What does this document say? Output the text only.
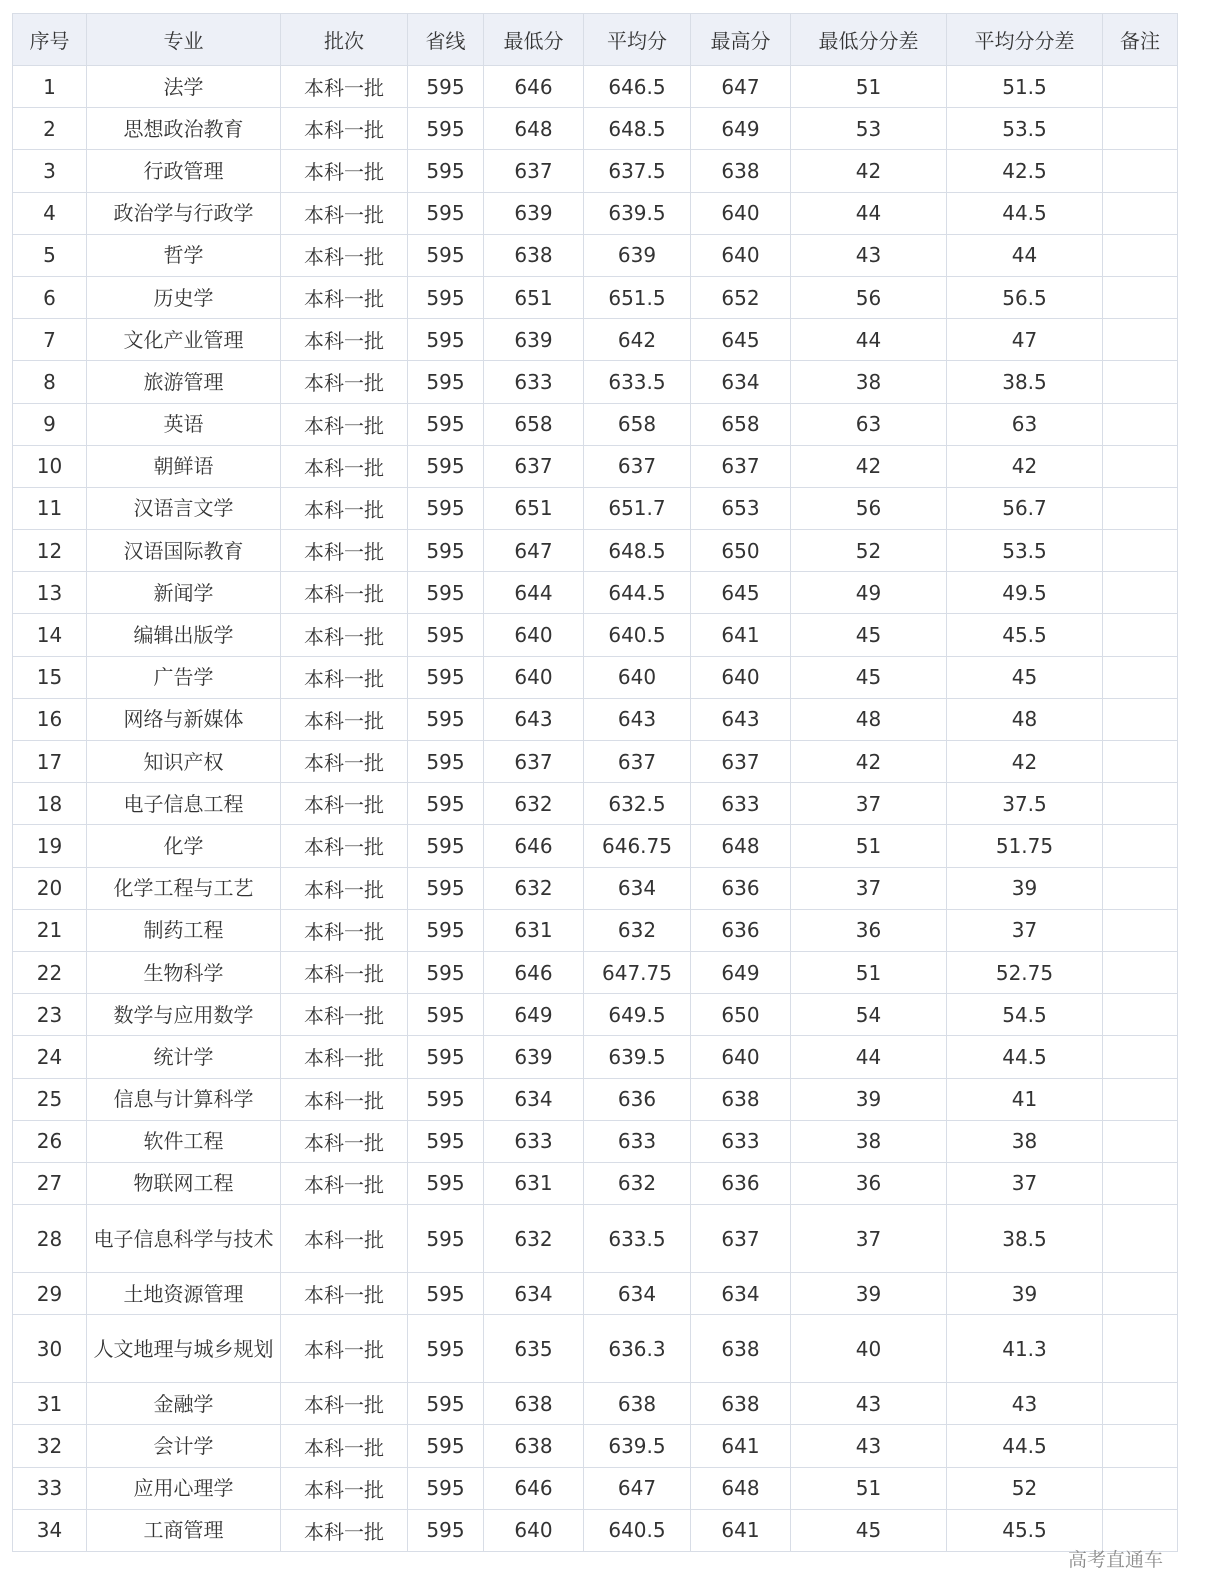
序号	专业	批次	省线	最低分	平均分	最高分	最低分分差	平均分分差	备注
1	法学	本科一批	595	646	646.5	647	51	51.5	
2	思想政治教育	本科一批	595	648	648.5	649	53	53.5	
3	行政管理	本科一批	595	637	637.5	638	42	42.5	
4	政治学与行政学	本科一批	595	639	639.5	640	44	44.5	
5	哲学	本科一批	595	638	639	640	43	44	
6	历史学	本科一批	595	651	651.5	652	56	56.5	
7	文化产业管理	本科一批	595	639	642	645	44	47	
8	旅游管理	本科一批	595	633	633.5	634	38	38.5	
9	英语	本科一批	595	658	658	658	63	63	
10	朝鲜语	本科一批	595	637	637	637	42	42	
11	汉语言文学	本科一批	595	651	651.7	653	56	56.7	
12	汉语国际教育	本科一批	595	647	648.5	650	52	53.5	
13	新闻学	本科一批	595	644	644.5	645	49	49.5	
14	编辑出版学	本科一批	595	640	640.5	641	45	45.5	
15	广告学	本科一批	595	640	640	640	45	45	
16	网络与新媒体	本科一批	595	643	643	643	48	48	
17	知识产权	本科一批	595	637	637	637	42	42	
18	电子信息工程	本科一批	595	632	632.5	633	37	37.5	
19	化学	本科一批	595	646	646.75	648	51	51.75	
20	化学工程与工艺	本科一批	595	632	634	636	37	39	
21	制药工程	本科一批	595	631	632	636	36	37	
22	生物科学	本科一批	595	646	647.75	649	51	52.75	
23	数学与应用数学	本科一批	595	649	649.5	650	54	54.5	
24	统计学	本科一批	595	639	639.5	640	44	44.5	
25	信息与计算科学	本科一批	595	634	636	638	39	41	
26	软件工程	本科一批	595	633	633	633	38	38	
27	物联网工程	本科一批	595	631	632	636	36	37	
28	电子信息科学与技术	本科一批	595	632	633.5	637	37	38.5	
29	土地资源管理	本科一批	595	634	634	634	39	39	
30	人文地理与城乡规划	本科一批	595	635	636.3	638	40	41.3	
31	金融学	本科一批	595	638	638	638	43	43	
32	会计学	本科一批	595	638	639.5	641	43	44.5	
33	应用心理学	本科一批	595	646	647	648	51	52	
34	工商管理	本科一批	595	640	640.5	641	45	45.5	
高考直通车
